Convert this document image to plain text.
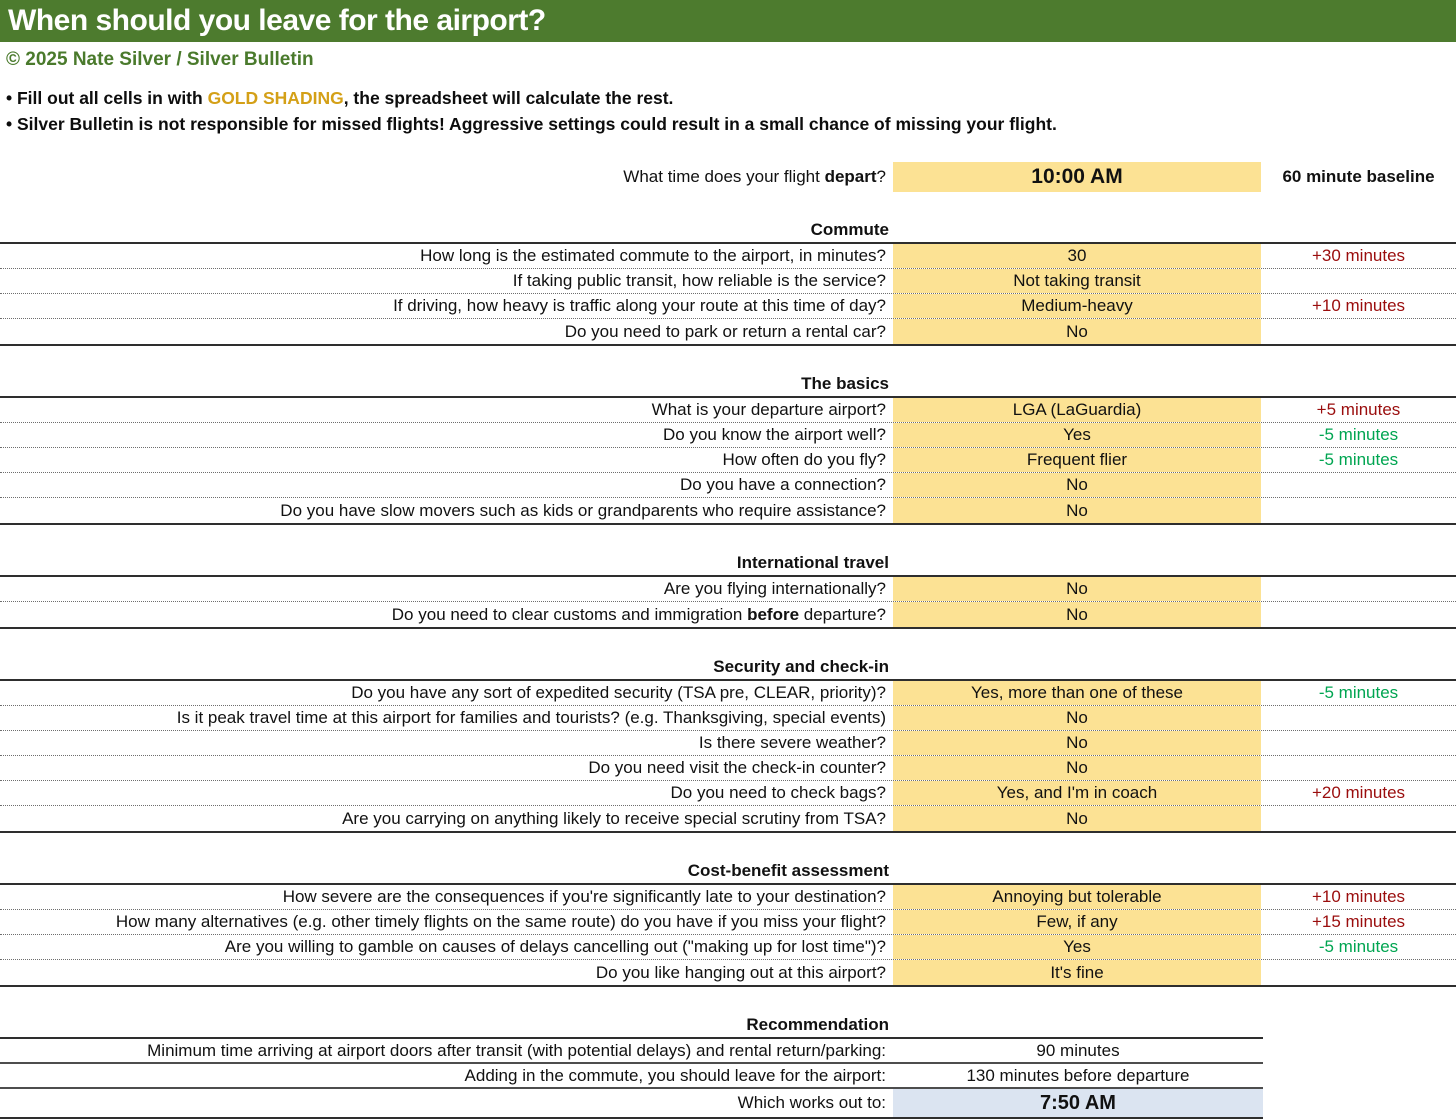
When should you leave for the airport?
© 2025 Nate Silver / Silver Bulletin
• Fill out all cells in with GOLD SHADING, the spreadsheet will calculate the rest.
• Silver Bulletin is not responsible for missed flights! Aggressive settings could result in a small chance of missing your flight.
What time does your flight depart?	10:00 AM	60 minute baseline
Commute
How long is the estimated commute to the airport, in minutes?	30	+30 minutes
If taking public transit, how reliable is the service?	Not taking transit
If driving, how heavy is traffic along your route at this time of day?	Medium-heavy	+10 minutes
Do you need to park or return a rental car?	No
The basics
What is your departure airport?	LGA (LaGuardia)	+5 minutes
Do you know the airport well?	Yes	-5 minutes
How often do you fly?	Frequent flier	-5 minutes
Do you have a connection?	No
Do you have slow movers such as kids or grandparents who require assistance?	No
International travel
Are you flying internationally?	No
Do you need to clear customs and immigration before departure?	No
Security and check-in
Do you have any sort of expedited security (TSA pre, CLEAR, priority)?	Yes, more than one of these	-5 minutes
Is it peak travel time at this airport for families and tourists? (e.g. Thanksgiving, special events)	No
Is there severe weather?	No
Do you need visit the check-in counter?	No
Do you need to check bags?	Yes, and I'm in coach	+20 minutes
Are you carrying on anything likely to receive special scrutiny from TSA?	No
Cost-benefit assessment
How severe are the consequences if you're significantly late to your destination?	Annoying but tolerable	+10 minutes
How many alternatives (e.g. other timely flights on the same route) do you have if you miss your flight?	Few, if any	+15 minutes
Are you willing to gamble on causes of delays cancelling out ("making up for lost time")?	Yes	-5 minutes
Do you like hanging out at this airport?	It's fine
Recommendation
Minimum time arriving at airport doors after transit (with potential delays) and rental return/parking:	90 minutes
Adding in the commute, you should leave for the airport:	130 minutes before departure
Which works out to:	7:50 AM
